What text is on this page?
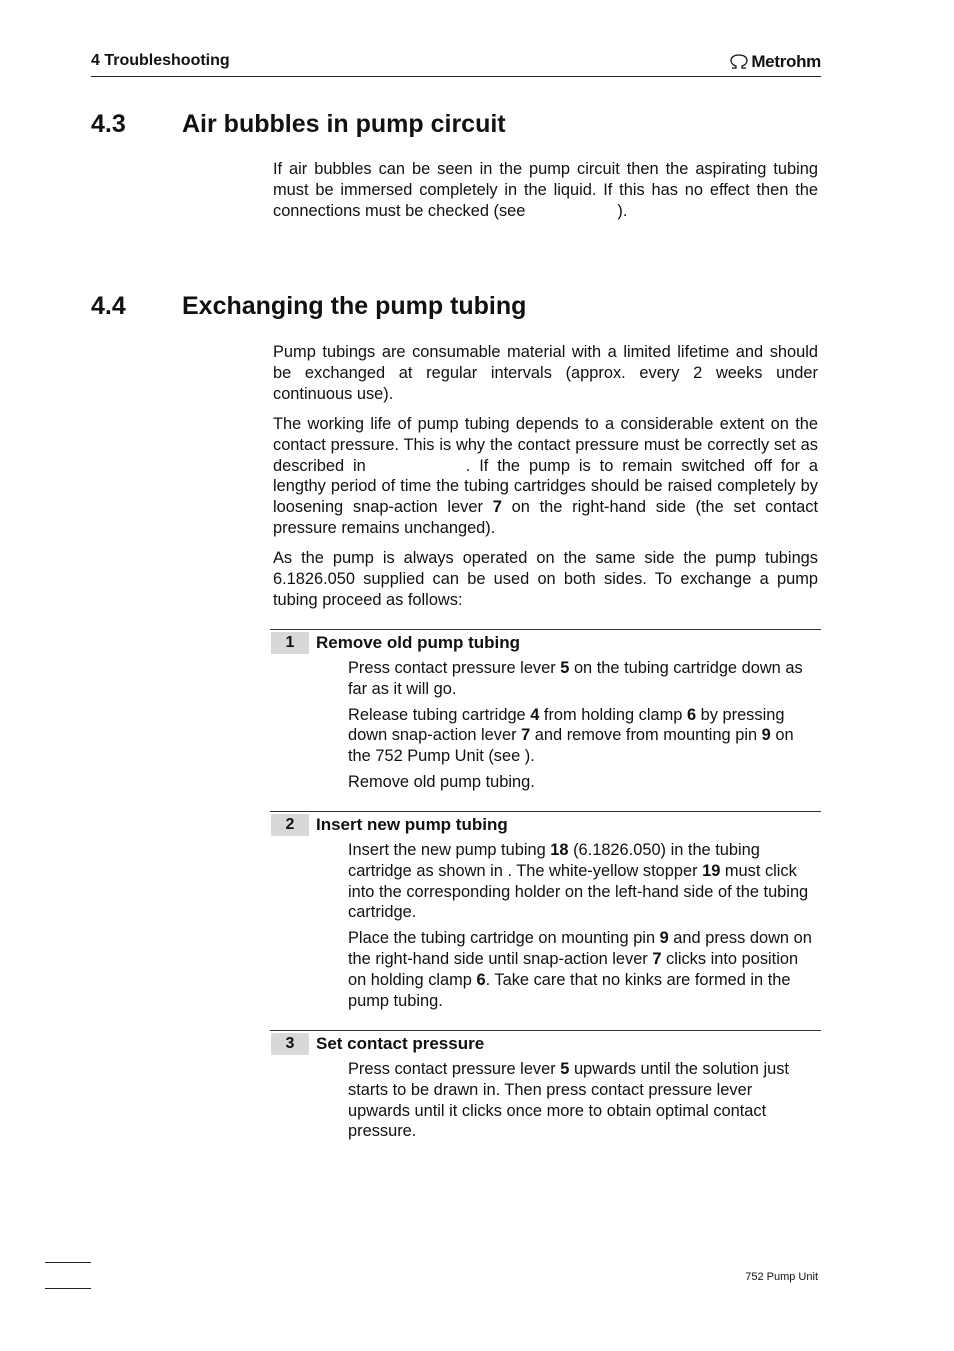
4 Troubleshooting	Metrohm
4.3 Air bubbles in pump circuit
If air bubbles can be seen in the pump circuit then the aspirating tubing must be immersed completely in the liquid. If this has no effect then the connections must be checked (see	).
4.4 Exchanging the pump tubing
Pump tubings are consumable material with a limited lifetime and should be exchanged at regular intervals (approx. every 2 weeks under continuous use).
The working life of pump tubing depends to a considerable extent on the contact pressure. This is why the contact pressure must be correctly set as described in	. If the pump is to remain switched off for a lengthy period of time the tubing cartridges should be raised completely by loosening snap-action lever 7 on the right-hand side (the set contact pressure remains unchanged).
As the pump is always operated on the same side the pump tubings 6.1826.050 supplied can be used on both sides. To exchange a pump tubing proceed as follows:
1	Remove old pump tubing
Press contact pressure lever 5 on the tubing cartridge down as far as it will go.
Release tubing cartridge 4 from holding clamp 6 by pressing down snap-action lever 7 and remove from mounting pin 9 on the 752 Pump Unit (see ).
Remove old pump tubing.
2	Insert new pump tubing
Insert the new pump tubing 18 (6.1826.050) in the tubing cartridge as shown in . The white-yellow stopper 19 must click into the corresponding holder on the left-hand side of the tubing cartridge.
Place the tubing cartridge on mounting pin 9 and press down on the right-hand side until snap-action lever 7 clicks into position on holding clamp 6. Take care that no kinks are formed in the pump tubing.
3	Set contact pressure
Press contact pressure lever 5 upwards until the solution just starts to be drawn in. Then press contact pressure lever upwards until it clicks once more to obtain optimal contact pressure.
752 Pump Unit
